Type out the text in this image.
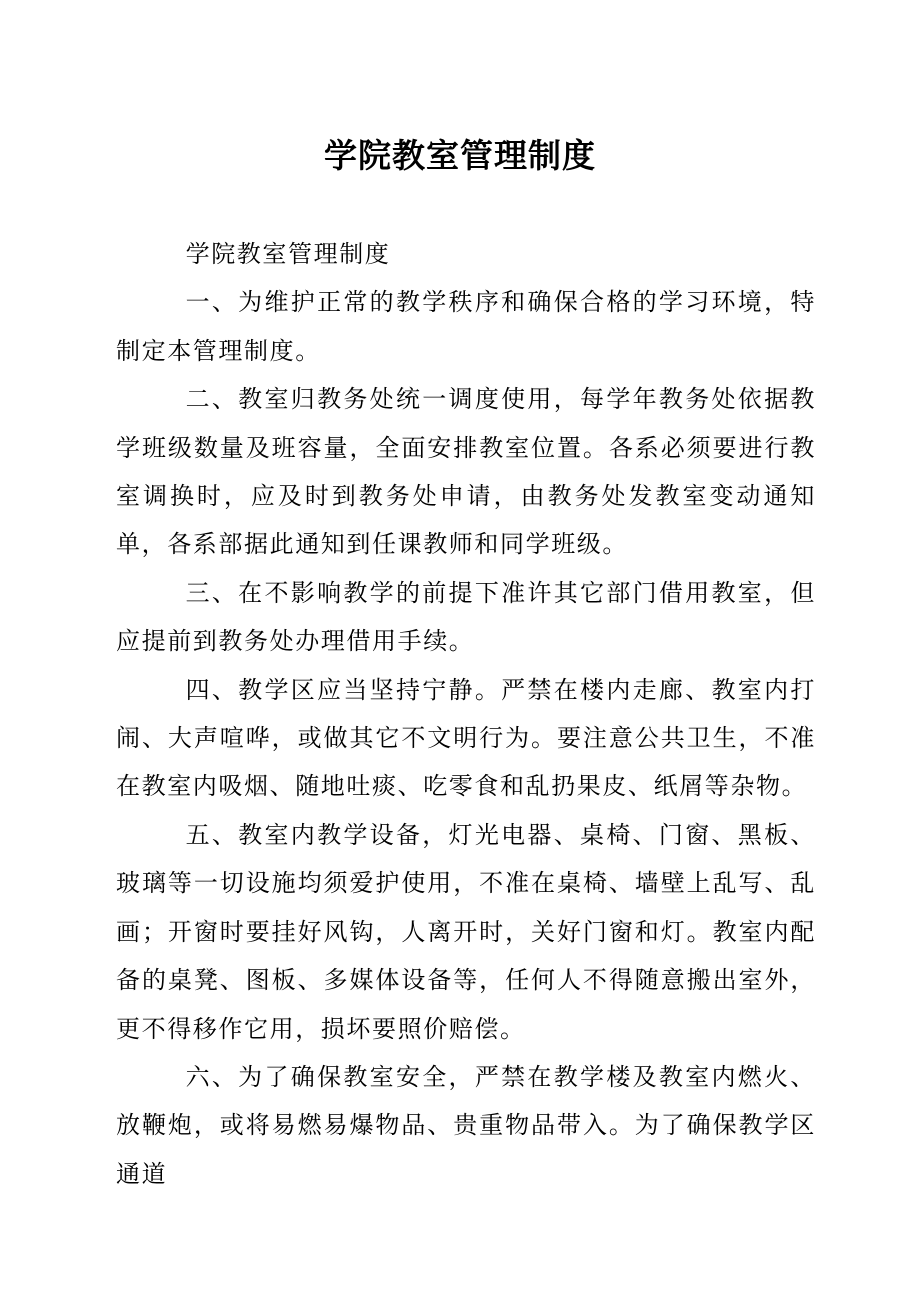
学院教室管理制度

学院教室管理制度

一、为维护正常的教学秩序和确保合格的学习环境，特制定本管理制度。

二、教室归教务处统一调度使用，每学年教务处依据教学班级数量及班容量，全面安排教室位置。各系必须要进行教室调换时，应及时到教务处申请，由教务处发教室变动通知单，各系部据此通知到任课教师和同学班级。

三、在不影响教学的前提下准许其它部门借用教室，但应提前到教务处办理借用手续。

四、教学区应当坚持宁静。严禁在楼内走廊、教室内打闹、大声喧哗，或做其它不文明行为。要注意公共卫生，不准在教室内吸烟、随地吐痰、吃零食和乱扔果皮、纸屑等杂物。

五、教室内教学设备，灯光电器、桌椅、门窗、黑板、玻璃等一切设施均须爱护使用，不准在桌椅、墙壁上乱写、乱画；开窗时要挂好风钩，人离开时，关好门窗和灯。教室内配备的桌凳、图板、多媒体设备等，任何人不得随意搬出室外，更不得移作它用，损坏要照价赔偿。

六、为了确保教室安全，严禁在教学楼及教室内燃火、放鞭炮，或将易燃易爆物品、贵重物品带入。为了确保教学区通道
